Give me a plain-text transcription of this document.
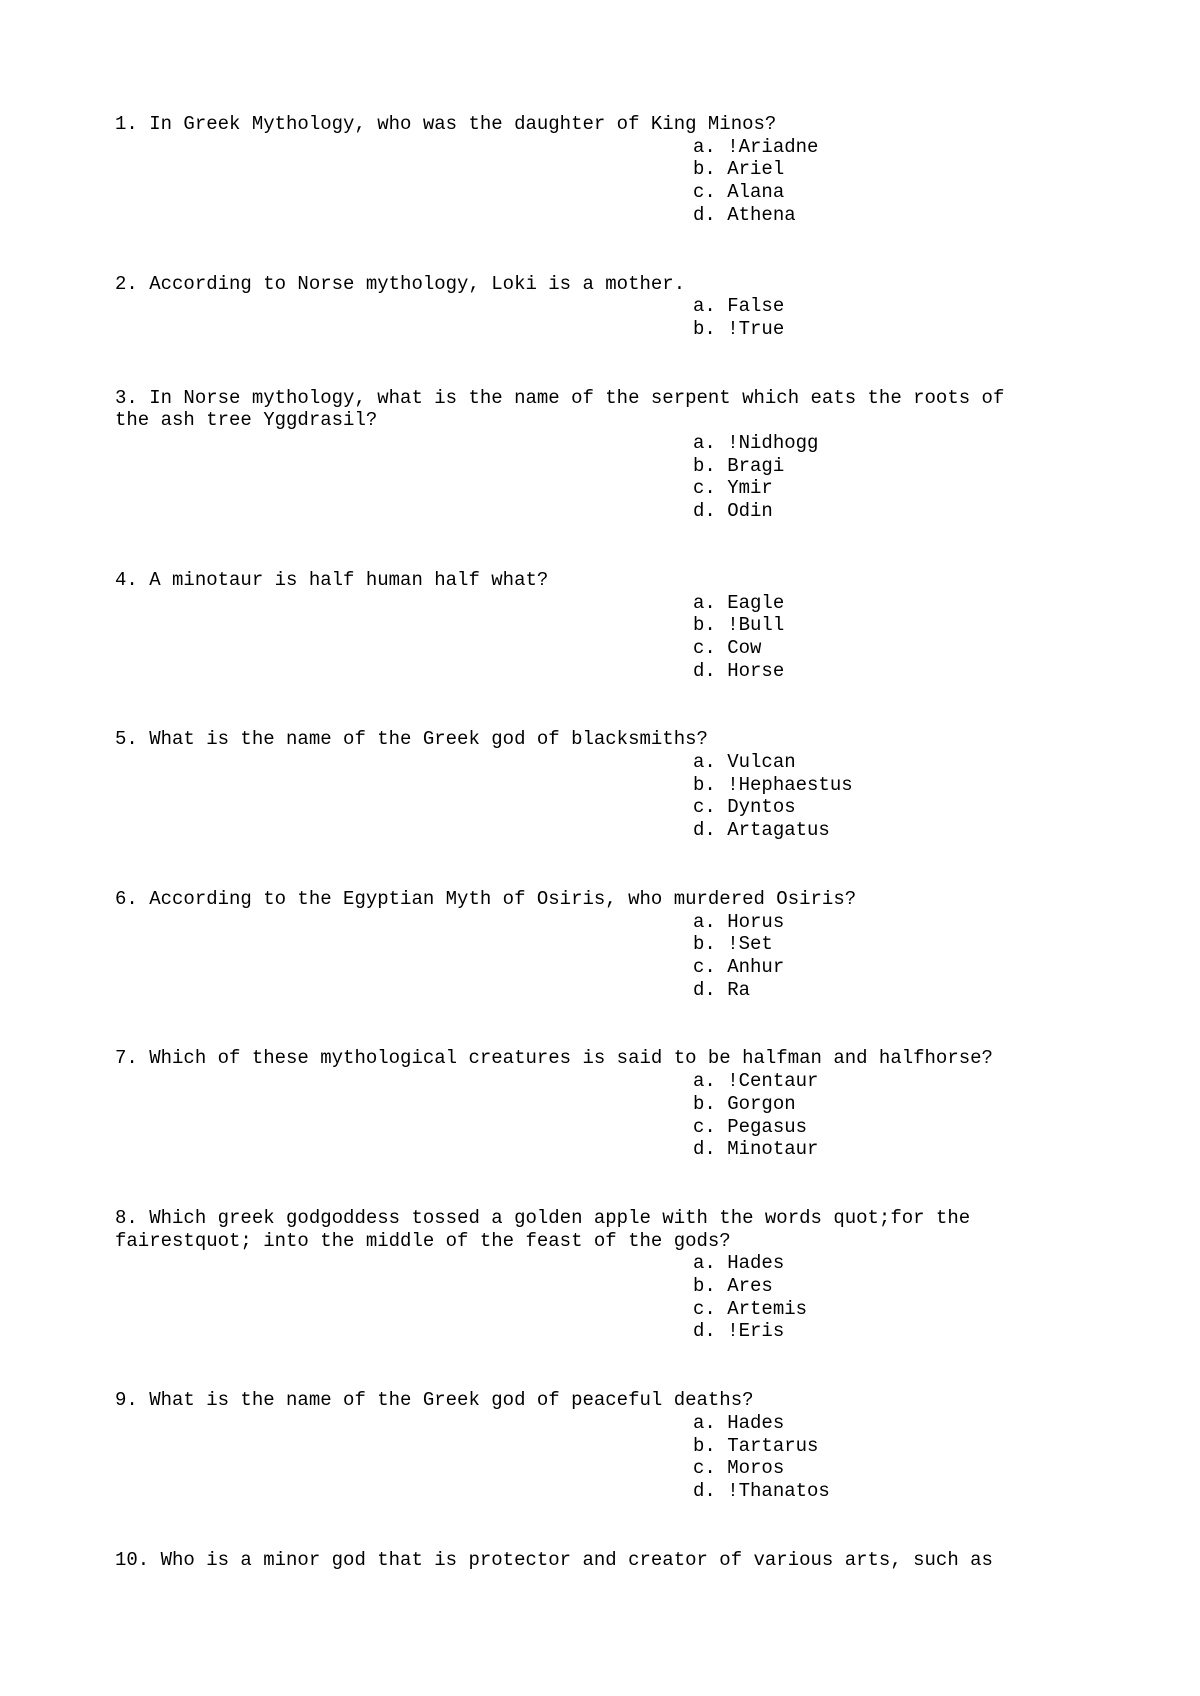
1. In Greek Mythology, who was the daughter of King Minos?
a. !Ariadne
b. Ariel
c. Alana
d. Athena
2. According to Norse mythology, Loki is a mother.
a. False
b. !True
3. In Norse mythology, what is the name of the serpent which eats the roots of
the ash tree Yggdrasil?
a. !Nidhogg
b. Bragi
c. Ymir
d. Odin
4. A minotaur is half human half what?
a. Eagle
b. !Bull
c. Cow
d. Horse
5. What is the name of the Greek god of blacksmiths?
a. Vulcan
b. !Hephaestus
c. Dyntos
d. Artagatus
6. According to the Egyptian Myth of Osiris, who murdered Osiris?
a. Horus
b. !Set
c. Anhur
d. Ra
7. Which of these mythological creatures is said to be halfman and halfhorse?
a. !Centaur
b. Gorgon
c. Pegasus
d. Minotaur
8. Which greek godgoddess tossed a golden apple with the words quot;for the
fairestquot; into the middle of the feast of the gods?
a. Hades
b. Ares
c. Artemis
d. !Eris
9. What is the name of the Greek god of peaceful deaths?
a. Hades
b. Tartarus
c. Moros
d. !Thanatos
10. Who is a minor god that is protector and creator of various arts, such as
